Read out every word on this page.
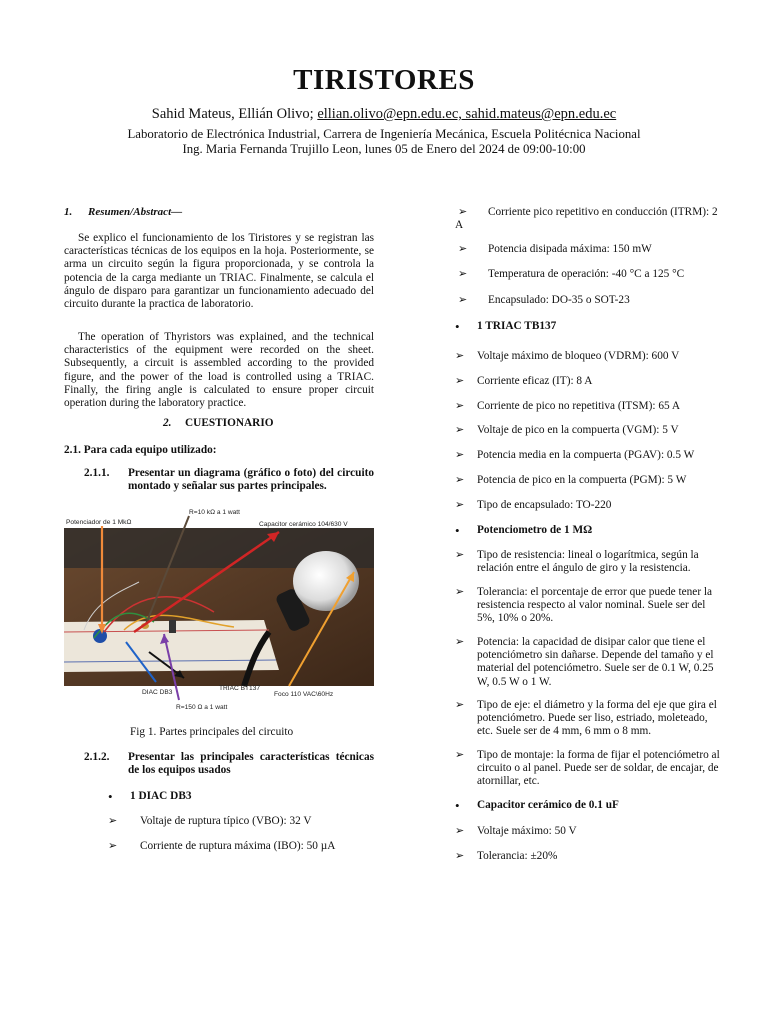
TIRISTORES
Sahid Mateus, Ellián Olivo; ellian.olivo@epn.edu.ec, sahid.mateus@epn.edu.ec
Laboratorio de Electrónica Industrial, Carrera de Ingeniería Mecánica, Escuela Politécnica Nacional
Ing. Maria Fernanda Trujillo Leon, lunes 05 de Enero del 2024 de 09:00-10:00
1. Resumen/Abstract—
Se explico el funcionamiento de los Tiristores y se registran las características técnicas de los equipos en la hoja. Posteriormente, se arma un circuito según la figura proporcionada, y se controla la potencia de la carga mediante un TRIAC. Finalmente, se calcula el ángulo de disparo para garantizar un funcionamiento adecuado del circuito durante la practica de laboratorio.
The operation of Thyristors was explained, and the technical characteristics of the equipment were recorded on the sheet. Subsequently, a circuit is assembled according to the provided figure, and the power of the load is controlled using a TRIAC. Finally, the firing angle is calculated to ensure proper circuit operation during the laboratory practice.
2. CUESTIONARIO
2.1. Para cada equipo utilizado:
2.1.1. Presentar un diagrama (gráfico o foto) del circuito montado y señalar sus partes principales.
Potenciador de 1 MkΩ
R=10 kΩ a 1 watt
Capacitor cerámico 104/630 V
DIAC DB3
TRIAC BT137
Foco 110 VAC\60Hz
R=150 Ω a 1 watt
Fig 1. Partes principales del circuito
2.1.2. Presentar las principales características técnicas de los equipos usados
• 1 DIAC DB3
➢ Voltaje de ruptura típico (VBO): 32 V
➢ Corriente de ruptura máxima (IBO): 50 µA
➢	Corriente pico repetitivo en conducción (ITRM): 2 A
➢ Potencia disipada máxima: 150 mW
➢ Temperatura de operación: -40 °C a 125 °C
➢ Encapsulado: DO-35 o SOT-23
• 1 TRIAC TB137
➢ Voltaje máximo de bloqueo (VDRM): 600 V
➢ Corriente eficaz (IT): 8 A
➢ Corriente de pico no repetitiva (ITSM): 65 A
➢ Voltaje de pico en la compuerta (VGM): 5 V
➢ Potencia media en la compuerta (PGAV): 0.5 W
➢ Potencia de pico en la compuerta (PGM): 5 W
➢ Tipo de encapsulado: TO-220
• Potenciometro de 1 MΩ
➢ Tipo de resistencia: lineal o logarítmica, según la relación entre el ángulo de giro y la resistencia.
➢ Tolerancia: el porcentaje de error que puede tener la resistencia respecto al valor nominal. Suele ser del 5%, 10% o 20%.
➢ Potencia: la capacidad de disipar calor que tiene el potenciómetro sin dañarse. Depende del tamaño y el material del potenciómetro. Suele ser de 0.1 W, 0.25 W, 0.5 W o 1 W.
➢ Tipo de eje: el diámetro y la forma del eje que gira el potenciómetro. Puede ser liso, estriado, moleteado, etc. Suele ser de 4 mm, 6 mm o 8 mm.
➢ Tipo de montaje: la forma de fijar el potenciómetro al circuito o al panel. Puede ser de soldar, de encajar, de atornillar, etc.
• Capacitor cerámico de 0.1 uF
➢ Voltaje máximo: 50 V
➢ Tolerancia: ±20%
